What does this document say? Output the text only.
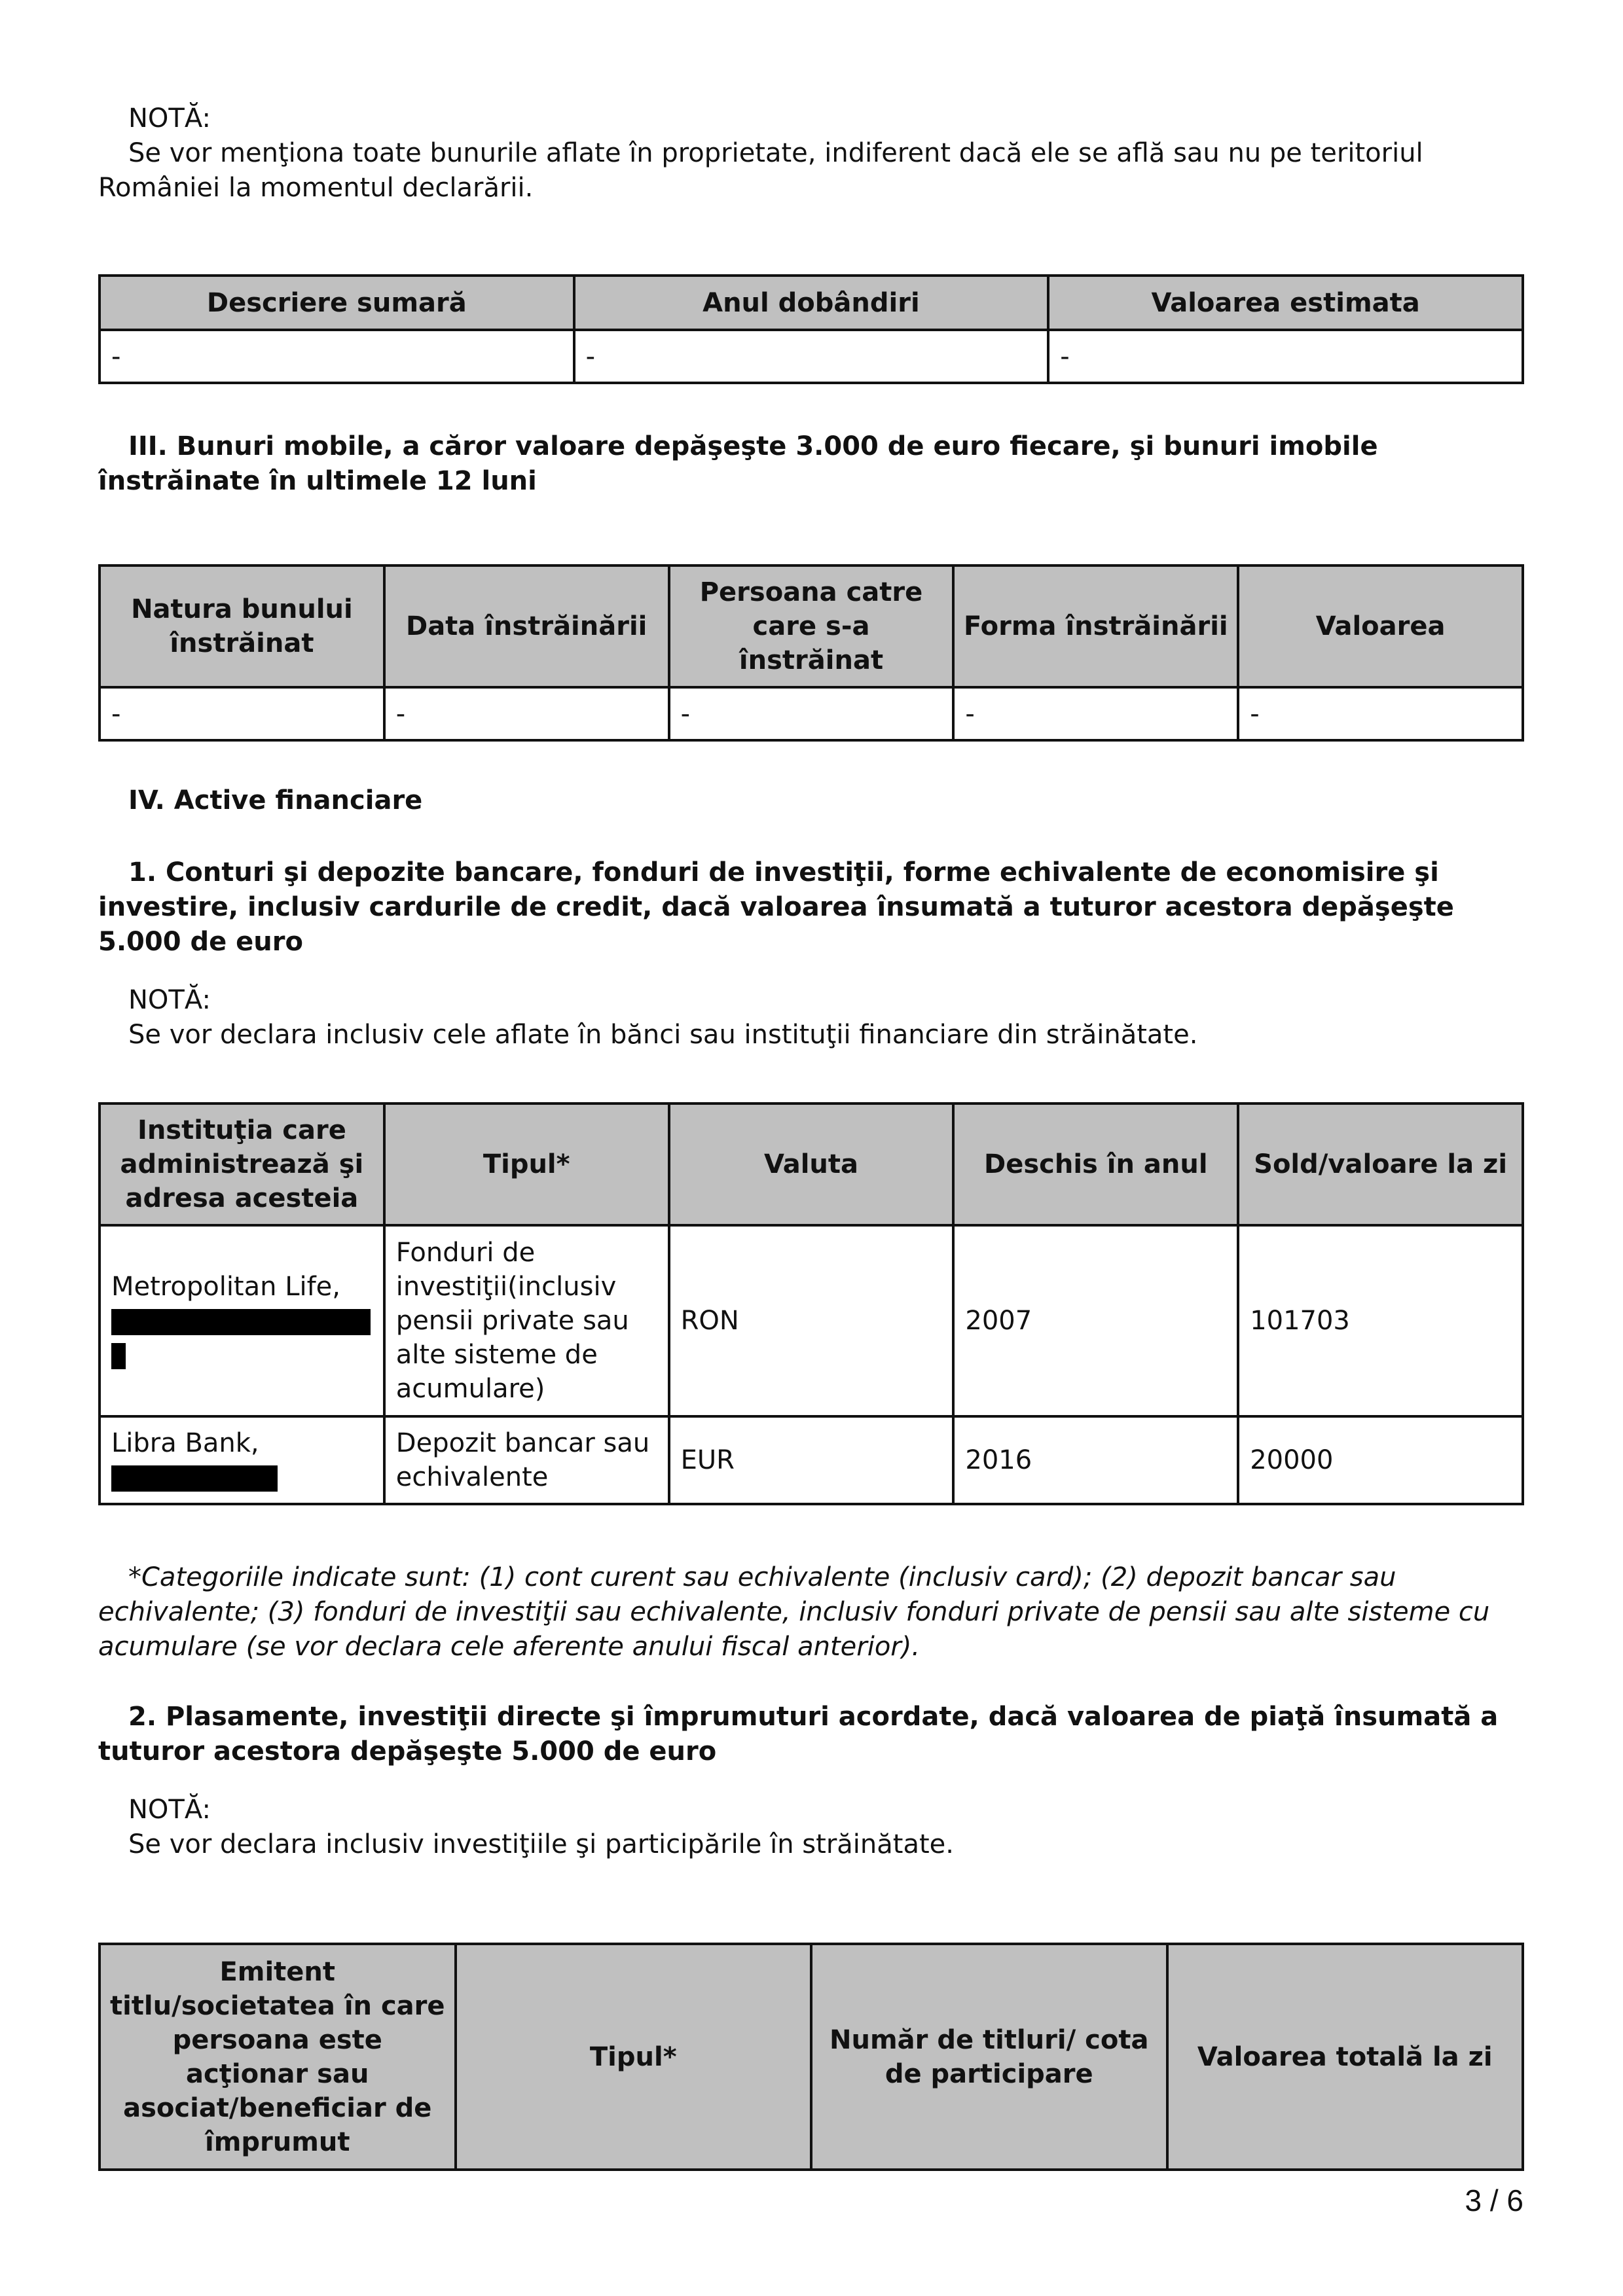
NOTĂ:

Se vor menţiona toate bunurile aflate în proprietate, indiferent dacă ele se află sau nu pe teritoriul României la momentul declarării.

Descriere sumară	Anul dobândiri	Valoarea estimata
-	-	-

III. Bunuri mobile, a căror valoare depăşeşte 3.000 de euro fiecare, şi bunuri imobile înstrăinate în ultimele 12 luni

Natura bunului înstrăinat	Data înstrăinării	Persoana catre care s-a înstrăinat	Forma înstrăinării	Valoarea
-	-	-	-	-

IV. Active financiare

1. Conturi şi depozite bancare, fonduri de investiţii, forme echivalente de economisire şi investire, inclusiv cardurile de credit, dacă valoarea însumată a tuturor acestora depăşeşte 5.000 de euro

NOTĂ:

Se vor declara inclusiv cele aflate în bănci sau instituţii financiare din străinătate.

Instituţia care administrează şi adresa acesteia	Tipul*	Valuta	Deschis în anul	Sold/valoare la zi

Metropolitan Life,	Fonduri de investiţii(inclusiv pensii private sau alte sisteme de acumulare)	RON	2007	101703

Libra Bank,	Depozit bancar sau echivalente	EUR	2016	20000

*Categoriile indicate sunt: (1) cont curent sau echivalente (inclusiv card); (2) depozit bancar sau echivalente; (3) fonduri de investiţii sau echivalente, inclusiv fonduri private de pensii sau alte sisteme cu acumulare (se vor declara cele aferente anului fiscal anterior).

2. Plasamente, investiţii directe şi împrumuturi acordate, dacă valoarea de piaţă însumată a tuturor acestora depăşeşte 5.000 de euro

NOTĂ:

Se vor declara inclusiv investiţiile şi participările în străinătate.

Emitent titlu/societatea în care persoana este acţionar sau asociat/beneficiar de împrumut	Tipul*	Număr de titluri/ cota de participare	Valoarea totală la zi
3 / 6
